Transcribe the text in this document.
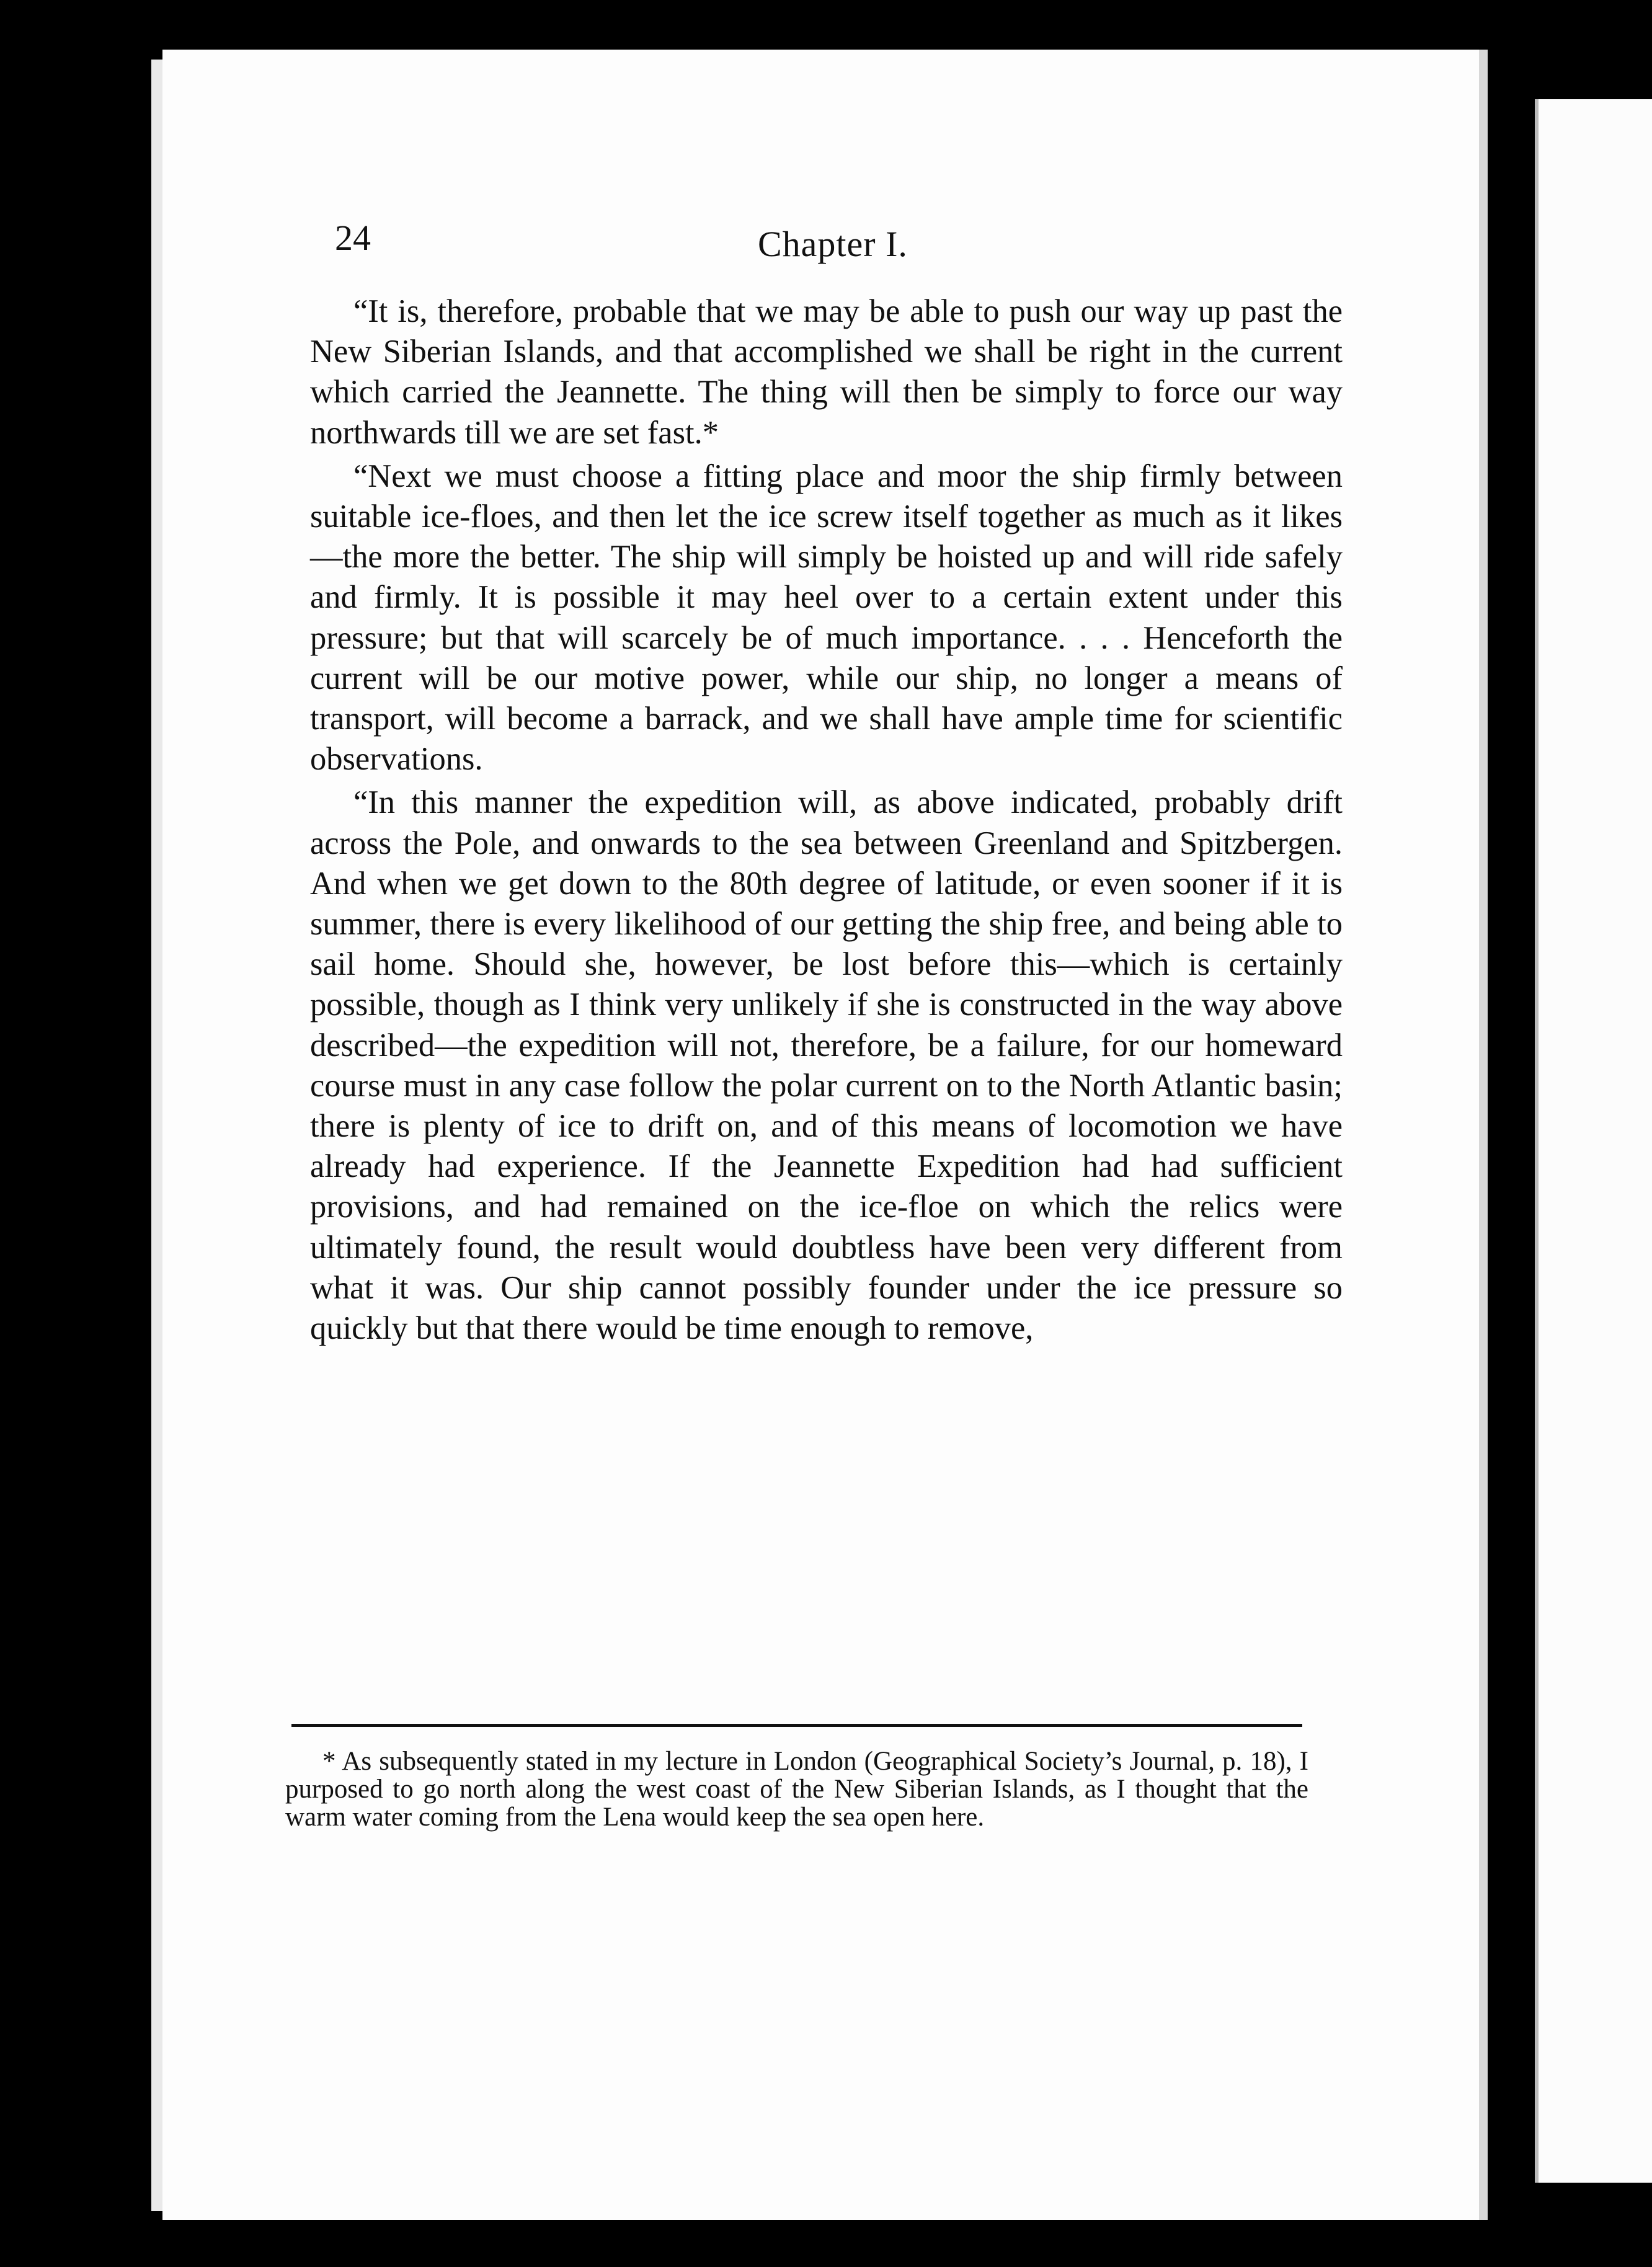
24	Chapter I.

“It is, therefore, probable that we may be able to push our way up past the New Siberian Islands, and that accomplished we shall be right in the current which carried the Jeannette. The thing will then be simply to force our way northwards till we are set fast.*

“Next we must choose a fitting place and moor the ship firmly between suitable ice-floes, and then let the ice screw itself together as much as it likes—the more the better. The ship will simply be hoisted up and will ride safely and firmly. It is possible it may heel over to a certain extent under this pressure; but that will scarcely be of much importance. . . . Henceforth the current will be our motive power, while our ship, no longer a means of transport, will become a barrack, and we shall have ample time for scientific observations.

“In this manner the expedition will, as above indicated, probably drift across the Pole, and onwards to the sea between Greenland and Spitzbergen. And when we get down to the 80th degree of latitude, or even sooner if it is summer, there is every likelihood of our getting the ship free, and being able to sail home. Should she, however, be lost before this—which is certainly possible, though as I think very unlikely if she is constructed in the way above described—the expedition will not, therefore, be a failure, for our homeward course must in any case follow the polar current on to the North Atlantic basin; there is plenty of ice to drift on, and of this means of locomotion we have already had experience. If the Jeannette Expedition had had sufficient provisions, and had remained on the ice-floe on which the relics were ultimately found, the result would doubtless have been very different from what it was. Our ship cannot possibly founder under the ice pressure so quickly but that there would be time enough to remove,

* As subsequently stated in my lecture in London (Geographical Society’s Journal, p. 18), I purposed to go north along the west coast of the New Siberian Islands, as I thought that the warm water coming from the Lena would keep the sea open here.
